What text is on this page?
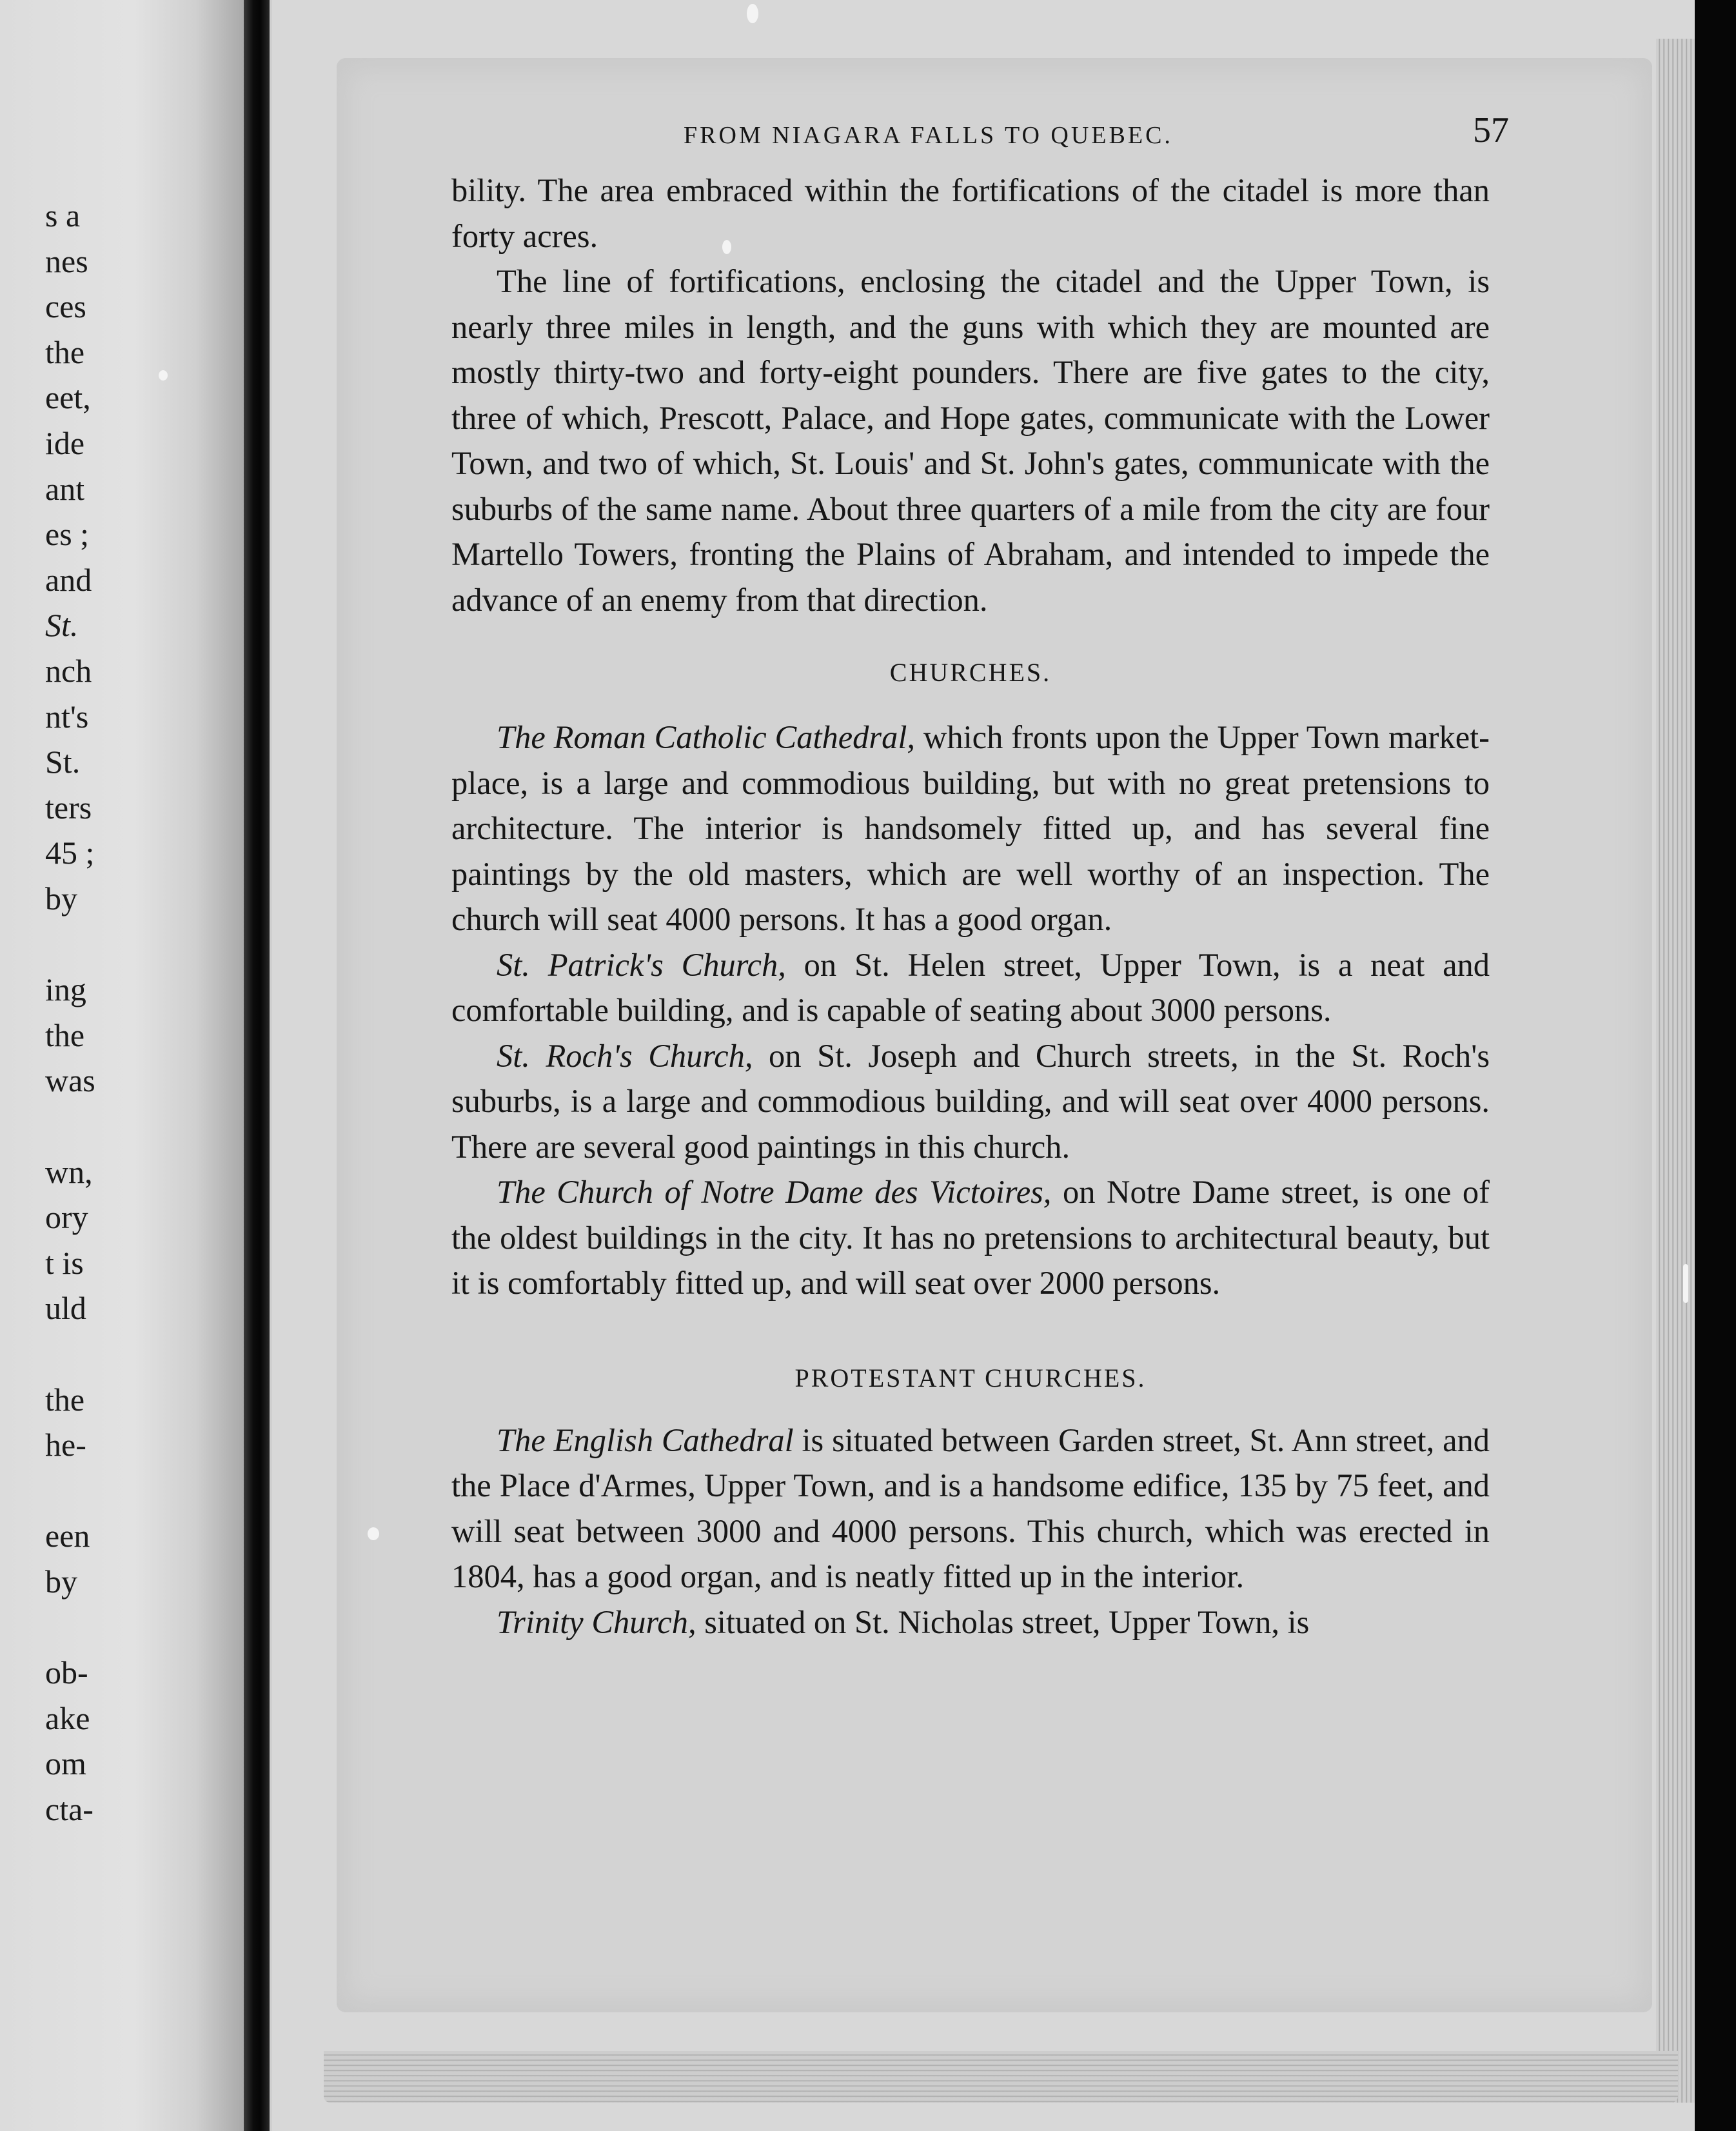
s a
nes
ces
the
eet,
ide
ant
es ;
and
St.
nch
nt's
St.
ters
45 ;
by
ing
the
was
wn,
ory
t is
uld
the
he-
een
by
ob-
ake
om
cta-
FROM NIAGARA FALLS TO QUEBEC.	57

bility. The area embraced within the fortifications of the citadel is more than forty acres.

The line of fortifications, enclosing the citadel and the Upper Town, is nearly three miles in length, and the guns with which they are mounted are mostly thirty-two and forty-eight pounders. There are five gates to the city, three of which, Prescott, Palace, and Hope gates, communicate with the Lower Town, and two of which, St. Louis' and St. John's gates, communicate with the suburbs of the same name. About three quarters of a mile from the city are four Martello Towers, fronting the Plains of Abraham, and intended to impede the advance of an enemy from that direction.

CHURCHES.

The Roman Catholic Cathedral, which fronts upon the Upper Town market-place, is a large and commodious building, but with no great pretensions to architecture. The interior is handsomely fitted up, and has several fine paintings by the old masters, which are well worthy of an inspection. The church will seat 4000 persons. It has a good organ.

St. Patrick's Church, on St. Helen street, Upper Town, is a neat and comfortable building, and is capable of seating about 3000 persons.

St. Roch's Church, on St. Joseph and Church streets, in the St. Roch's suburbs, is a large and commodious building, and will seat over 4000 persons. There are several good paintings in this church.

The Church of Notre Dame des Victoires, on Notre Dame street, is one of the oldest buildings in the city. It has no pretensions to architectural beauty, but it is comfortably fitted up, and will seat over 2000 persons.

PROTESTANT CHURCHES.

The English Cathedral is situated between Garden street, St. Ann street, and the Place d'Armes, Upper Town, and is a handsome edifice, 135 by 75 feet, and will seat between 3000 and 4000 persons. This church, which was erected in 1804, has a good organ, and is neatly fitted up in the interior.

Trinity Church, situated on St. Nicholas street, Upper Town, is
